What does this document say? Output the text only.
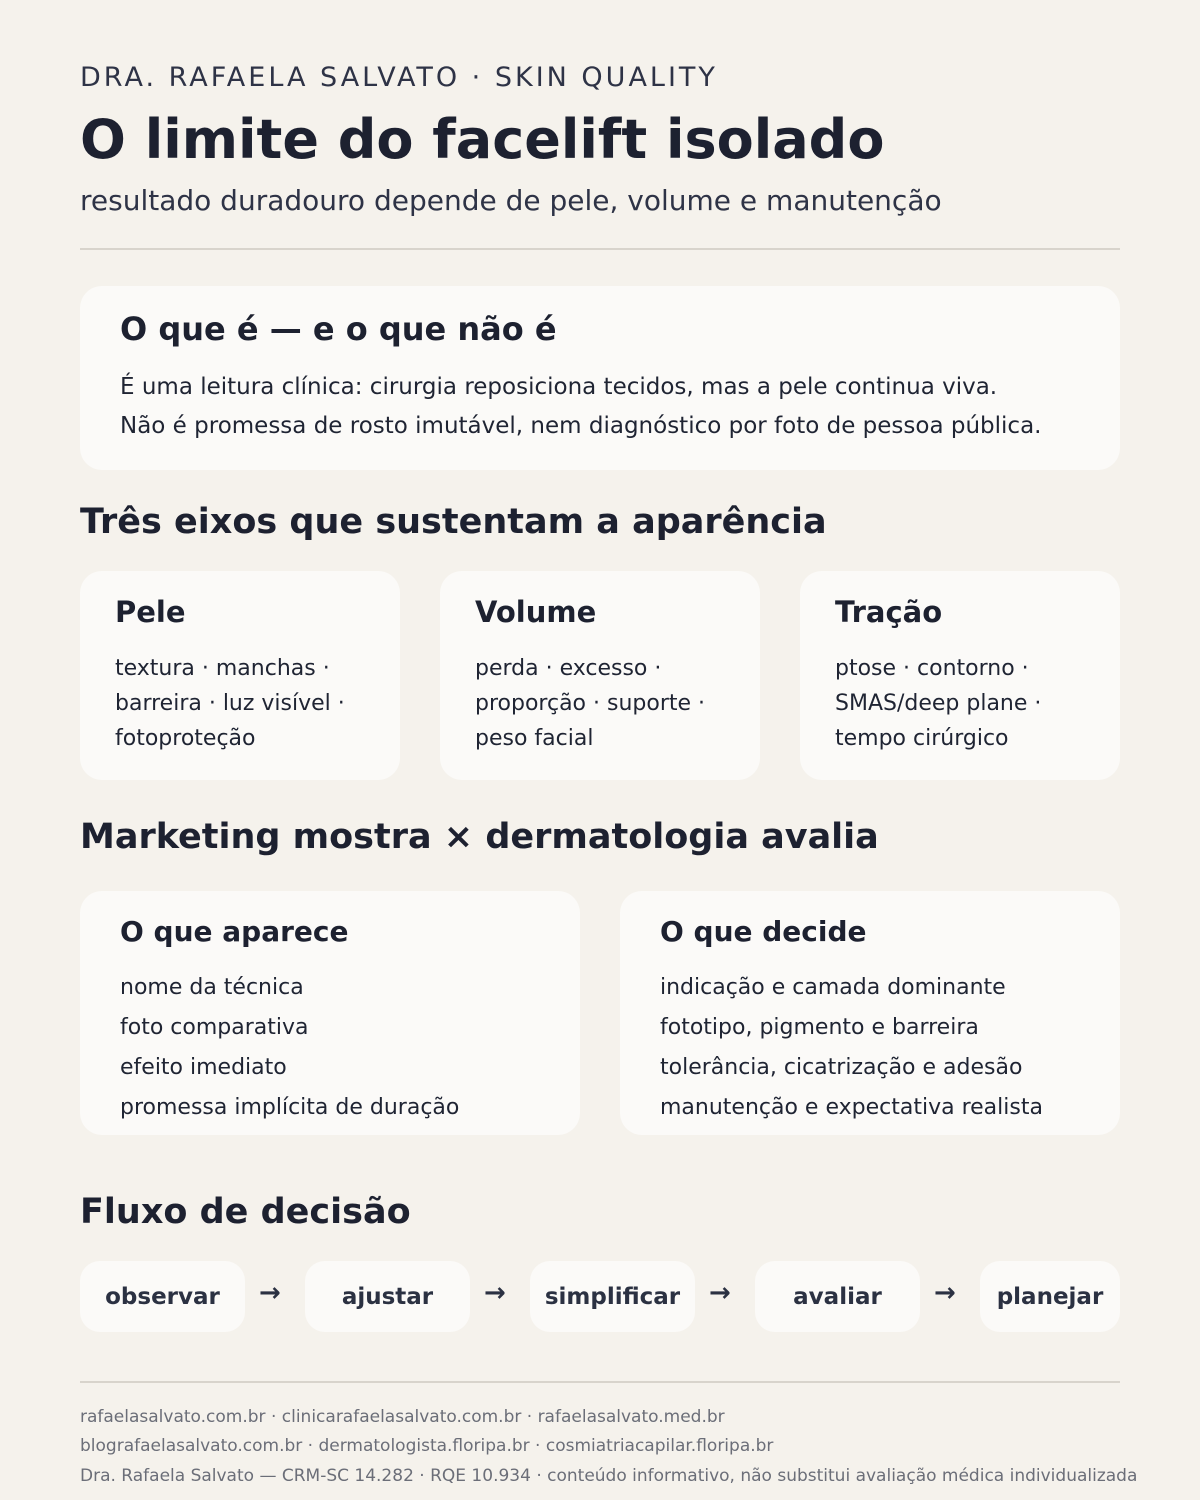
DRA. RAFAELA SALVATO · SKIN QUALITY
O limite do facelift isolado
resultado duradouro depende de pele, volume e manutenção
O que é — e o que não é
É uma leitura clínica: cirurgia reposiciona tecidos, mas a pele continua viva.
Não é promessa de rosto imutável, nem diagnóstico por foto de pessoa pública.
Três eixos que sustentam a aparência
Pele
textura · manchas ·
barreira · luz visível ·
fotoproteção
Volume
perda · excesso ·
proporção · suporte ·
peso facial
Tração
ptose · contorno ·
SMAS/deep plane ·
tempo cirúrgico
Marketing mostra × dermatologia avalia
O que aparece
nome da técnica
foto comparativa
efeito imediato
promessa implícita de duração
O que decide
indicação e camada dominante
fototipo, pigmento e barreira
tolerância, cicatrização e adesão
manutenção e expectativa realista
Fluxo de decisão
observar	→	ajustar	→	simplificar	→	avaliar	→	planejar
rafaelasalvato.com.br · clinicarafaelasalvato.com.br · rafaelasalvato.med.br
blografaelasalvato.com.br · dermatologista.floripa.br · cosmiatriacapilar.floripa.br
Dra. Rafaela Salvato — CRM-SC 14.282 · RQE 10.934 · conteúdo informativo, não substitui avaliação médica individualizada
